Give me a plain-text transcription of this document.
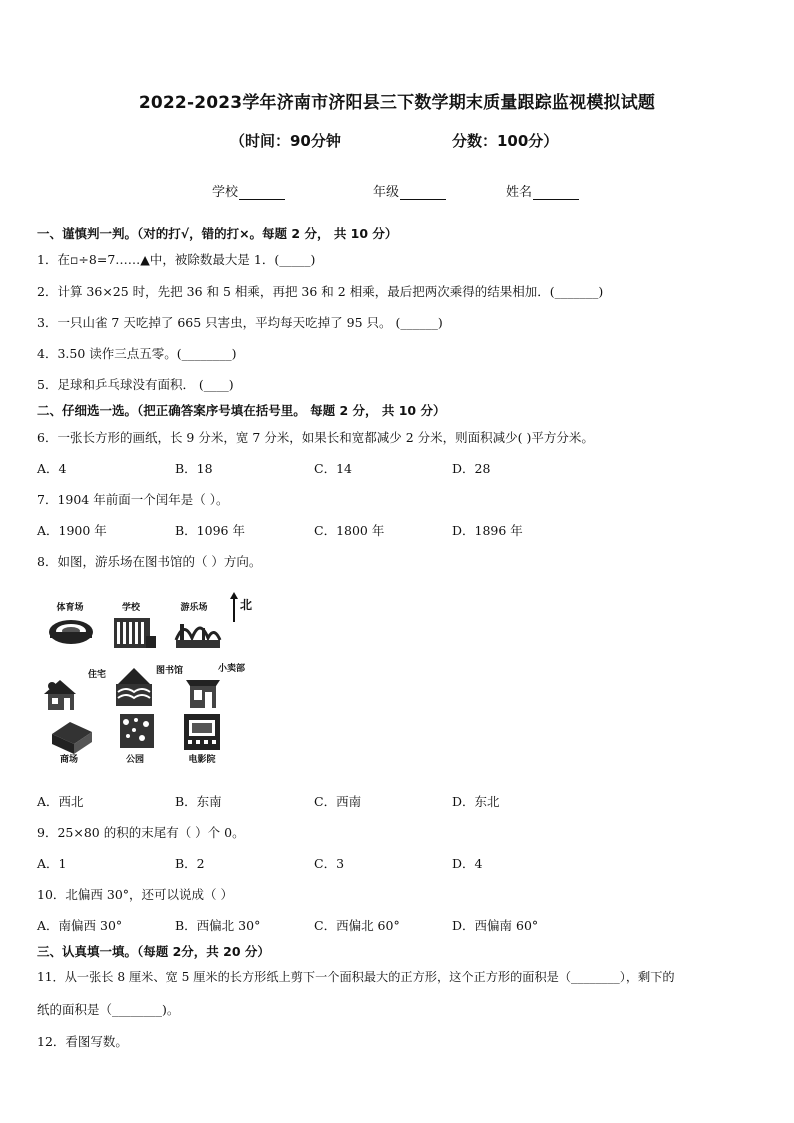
2022-2023学年济南市济阳县三下数学期末质量跟踪监视模拟试题
（时间：90分钟	分数：100分）
学校	年级	姓名
一、谨慎判一判。（对的打√，错的打×。每题 2 分， 共 10 分）
1．在▫÷8=7……▲中，被除数最大是 1．(_____)
2．计算 36×25 时，先把 36 和 5 相乘，再把 36 和 2 相乘，最后把两次乘得的结果相加．(_______)
3．一只山雀 7 天吃掉了 665 只害虫，平均每天吃掉了 95 只。 (______)
4．3.50 读作三点五零。(________)
5．足球和乒乓球没有面积． (____)
二、仔细选一选。（把正确答案序号填在括号里。 每题 2 分， 共 10 分）
6．一张长方形的画纸，长 9 分米，宽 7 分米，如果长和宽都减少 2 分米，则面积减少( )平方分米。
A．4	B．18	C．14	D．28
7．1904 年前面一个闰年是（ ）。
A．1900 年	B．1096 年	C．1800 年	D．1896 年
8．如图，游乐场在图书馆的（ ）方向。
体育场	学校	游乐场	北
住宅	图书馆	小卖部
商场	公园	电影院
A．西北	B．东南	C．西南	D．东北
9．25×80 的积的末尾有（ ）个 0。
A．1	B．2	C．3	D．4
10．北偏西 30°，还可以说成（ ）
A．南偏西 30°	B．西偏北 30°	C．西偏北 60°	D．西偏南 60°
三、认真填一填。（每题 2分，共 20 分）
11．从一张长 8 厘米、宽 5 厘米的长方形纸上剪下一个面积最大的正方形，这个正方形的面积是（________），剩下的
纸的面积是（________)。
12．看图写数。
